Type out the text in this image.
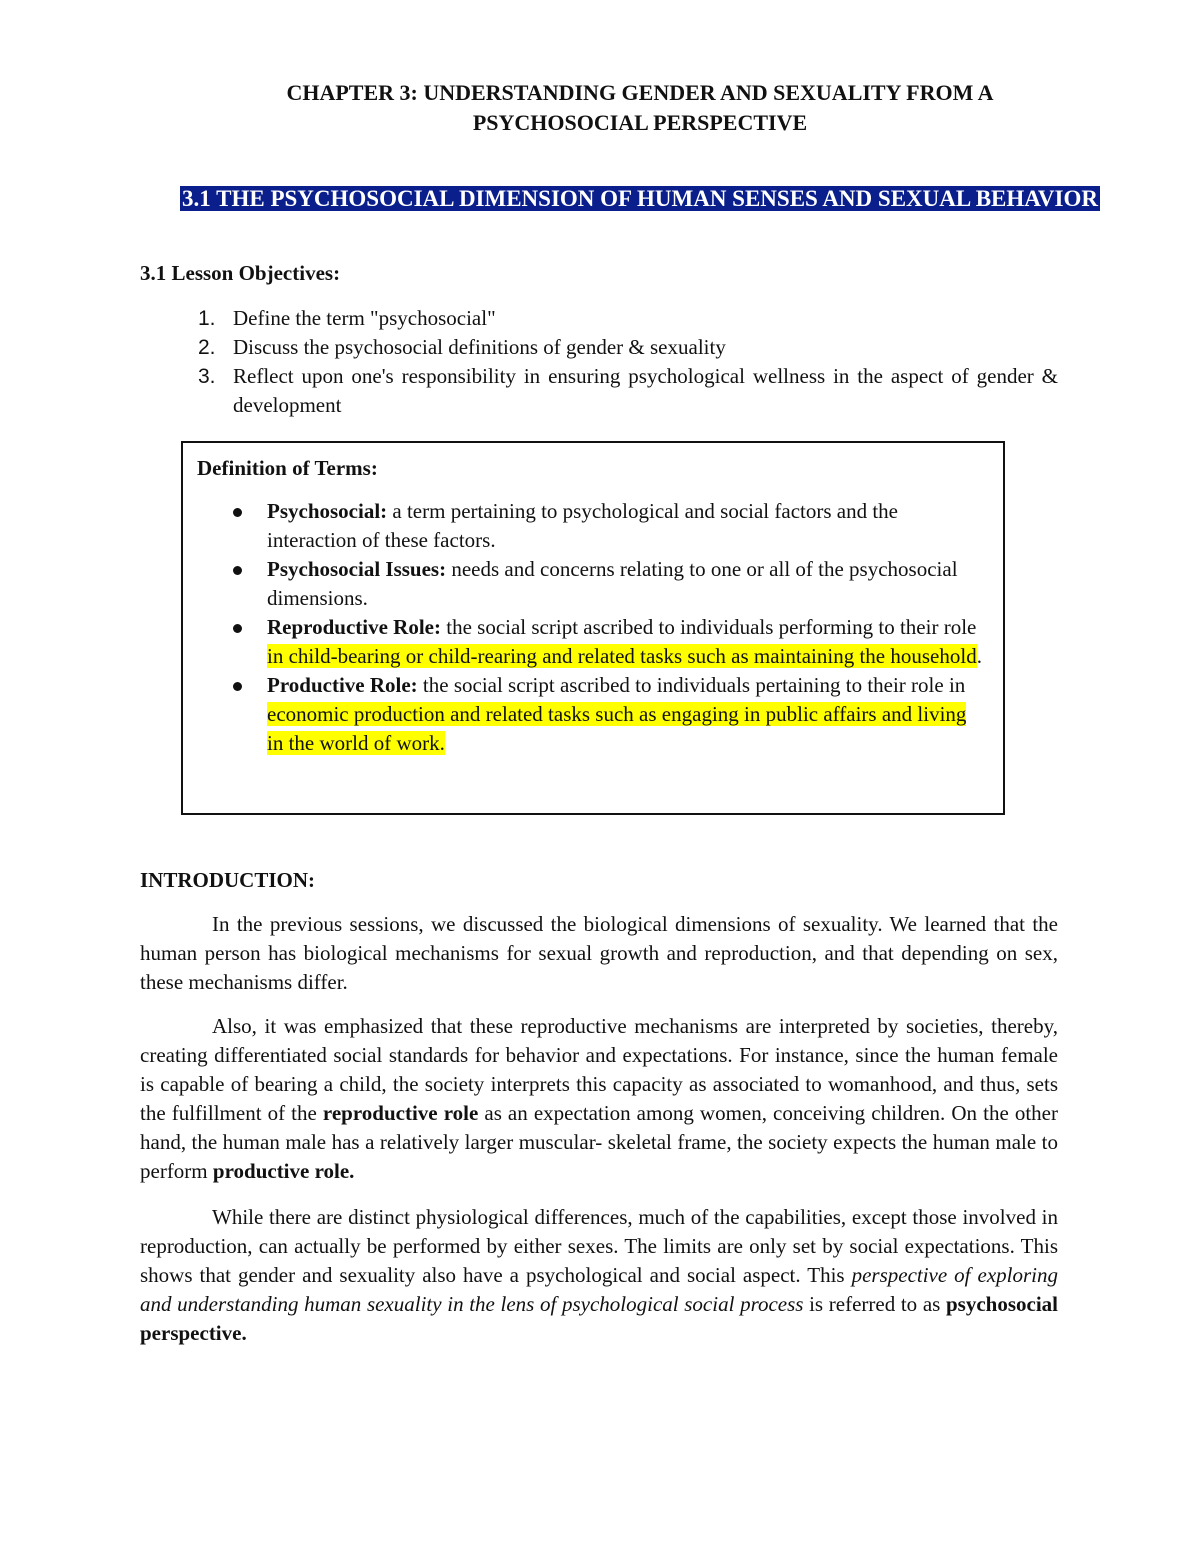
CHAPTER 3: UNDERSTANDING GENDER AND SEXUALITY FROM A
PSYCHOSOCIAL PERSPECTIVE
3.1 THE PSYCHOSOCIAL DIMENSION OF HUMAN SENSES AND SEXUAL BEHAVIOR
3.1 Lesson Objectives:
1. Define the term "psychosocial"
2. Discuss the psychosocial definitions of gender & sexuality
3. Reflect upon one's responsibility in ensuring psychological wellness in the aspect of gender & development
Definition of Terms:
Psychosocial: a term pertaining to psychological and social factors and the interaction of these factors.
Psychosocial Issues: needs and concerns relating to one or all of the psychosocial dimensions.
Reproductive Role: the social script ascribed to individuals performing to their role in child-bearing or child-rearing and related tasks such as maintaining the household.
Productive Role: the social script ascribed to individuals pertaining to their role in economic production and related tasks such as engaging in public affairs and living in the world of work.
INTRODUCTION:

In the previous sessions, we discussed the biological dimensions of sexuality. We learned that the human person has biological mechanisms for sexual growth and reproduction, and that depending on sex, these mechanisms differ.

Also, it was emphasized that these reproductive mechanisms are interpreted by societies, thereby, creating differentiated social standards for behavior and expectations. For instance, since the human female is capable of bearing a child, the society interprets this capacity as associated to womanhood, and thus, sets the fulfillment of the reproductive role as an expectation among women, conceiving children. On the other hand, the human male has a relatively larger muscular- skeletal frame, the society expects the human male to perform productive role.

While there are distinct physiological differences, much of the capabilities, except those involved in reproduction, can actually be performed by either sexes. The limits are only set by social expectations. This shows that gender and sexuality also have a psychological and social aspect. This perspective of exploring and understanding human sexuality in the lens of psychological social process is referred to as psychosocial perspective.
